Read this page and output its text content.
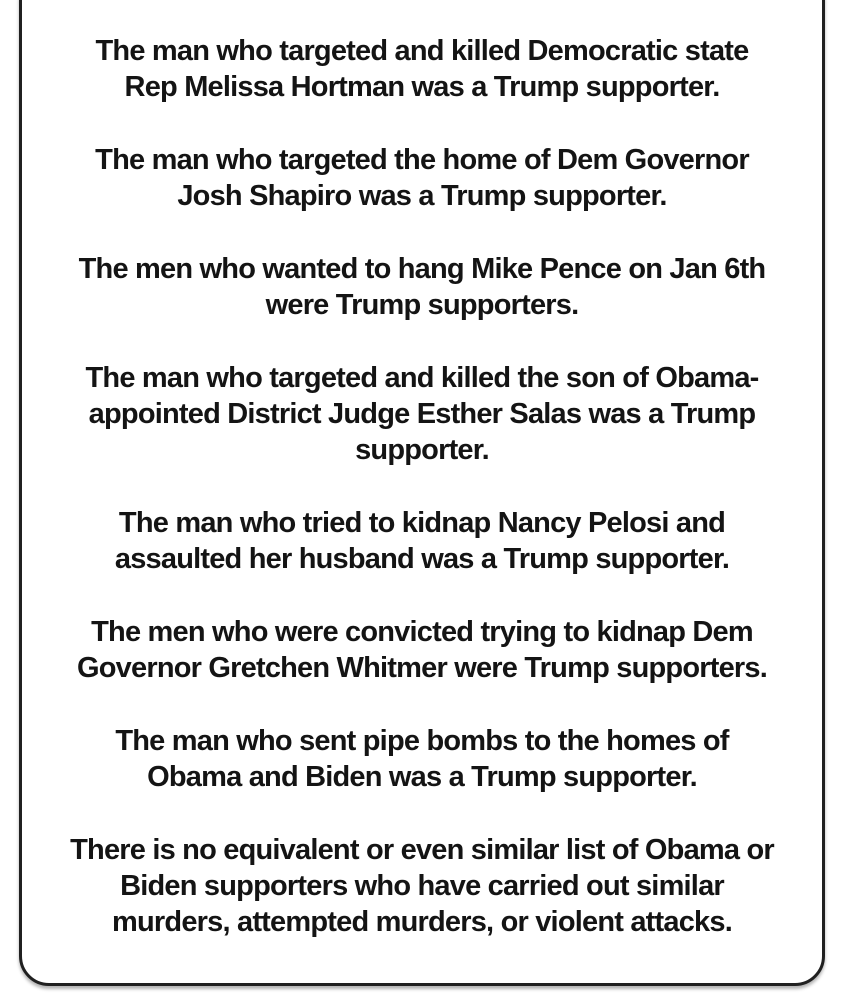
The man who targeted and killed Democratic state
Rep Melissa Hortman was a Trump supporter.

The man who targeted the home of Dem Governor
Josh Shapiro was a Trump supporter.

The men who wanted to hang Mike Pence on Jan 6th
were Trump supporters.

The man who targeted and killed the son of Obama-
appointed District Judge Esther Salas was a Trump
supporter.

The man who tried to kidnap Nancy Pelosi and
assaulted her husband was a Trump supporter.

The men who were convicted trying to kidnap Dem
Governor Gretchen Whitmer were Trump supporters.

The man who sent pipe bombs to the homes of
Obama and Biden was a Trump supporter.

There is no equivalent or even similar list of Obama or
Biden supporters who have carried out similar
murders, attempted murders, or violent attacks.
